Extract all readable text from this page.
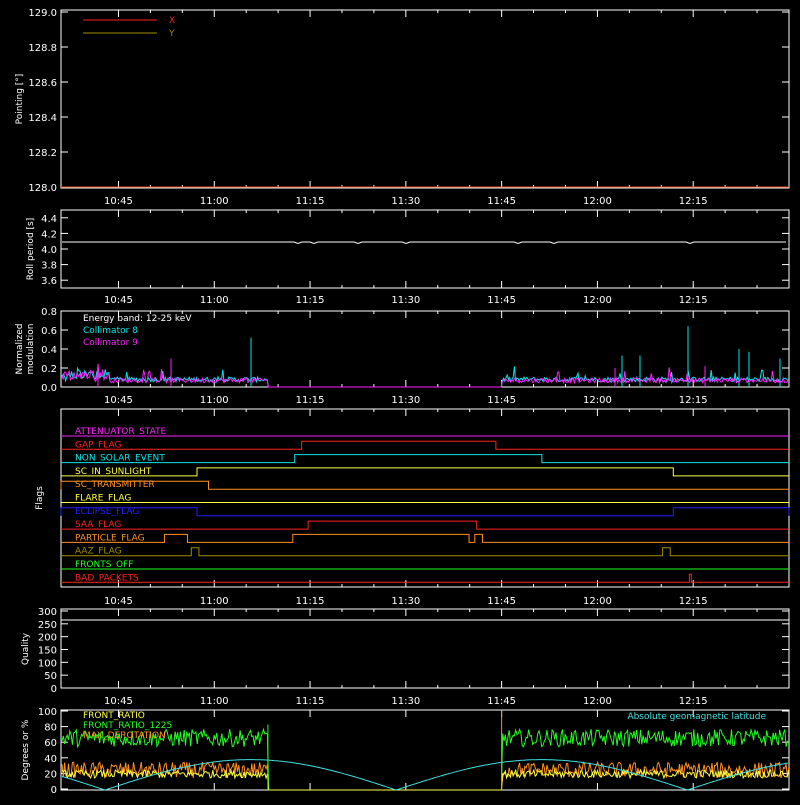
128.0
128.2
128.4
128.6
128.8
129.0
10:45	11:00	11:15	11:30	11:45	12:00	12:15
Pointing [°]
X
Y
3.6
3.8
4.0
4.2
4.4
10:45	11:00	11:15	11:30	11:45	12:00	12:15
Roll period [s]
0.0
0.2
0.4
0.6
0.8
10:45	11:00	11:15	11:30	11:45	12:00	12:15
Normalized modulation
Energy band: 12-25 keV
Collimator 8
Collimator 9
10:45	11:00	11:15	11:30	11:45	12:00	12:15
Flags
ATTENUATOR_STATE
GAP_FLAG
NON_SOLAR_EVENT
SC_IN_SUNLIGHT
SC_TRANSMITTER
FLARE_FLAG
ECLIPSE_FLAG
SAA_FLAG
PARTICLE_FLAG
AAZ_FLAG
FRONTS_OFF
BAD_PACKETS
0
50
100
150
200
250
300
10:45	11:00	11:15	11:30	11:45	12:00	12:15
Quality
0
20
40
60
80
100
Degrees or %
FRONT_RATIO
FRONT_RATIO_1225
MAX_DEROTATION
Absolute geomagnetic latitude
